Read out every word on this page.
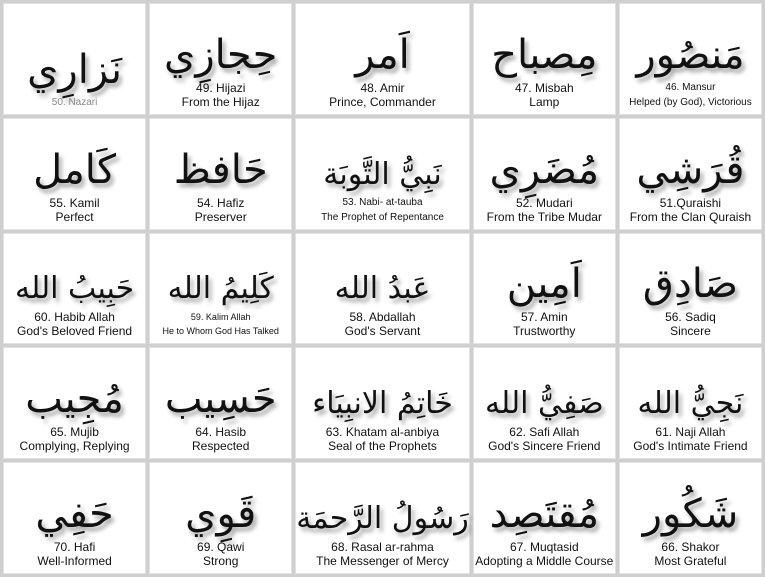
نَزارِي
50. Nazari
حِجازِي
49. Hijazi
From the Hijaz
اَمر
48. Amir
Prince, Commander
مِصباح
47. Misbah
Lamp
مَنصُور
46. Mansur
Helped (by God), Victorious
كَامل
55. Kamil
Perfect
حَافظ
54. Hafiz
Preserver
نَبِيُّ التَّوبَة
53. Nabi- at-tauba
The Prophet of Repentance
مُضَرِي
52. Mudari
From the Tribe Mudar
قُرَشِي
51.Quraishi
From the Clan Quraish
حَبِيبُ الله
60. Habib Allah
God's Beloved Friend
كَلِيمُ الله
59. Kalim Allah
He to Whom God Has Talked
عَبدُ الله
58. Abdallah
God's Servant
اَمِين
57. Amin
Trustworthy
صَادِق
56. Sadiq
Sincere
مُجِيب
65. Mujib
Complying, Replying
حَسِيب
64. Hasib
Respected
خَاتِمُ الانبِيَاء
63. Khatam al-anbiya
Seal of the Prophets
صَفِيُّ الله
62. Safi Allah
God's Sincere Friend
نَجِيُّ الله
61. Naji Allah
God's Intimate Friend
حَفِي
70. Hafi
Well-Informed
قَوِي
69. Qawi
Strong
رَسُولُ الرَّحمَة
68. Rasal ar-rahma
The Messenger of Mercy
مُقتَصِد
67. Muqtasid
Adopting a Middle Course
شَكُور
66. Shakor
Most Grateful
